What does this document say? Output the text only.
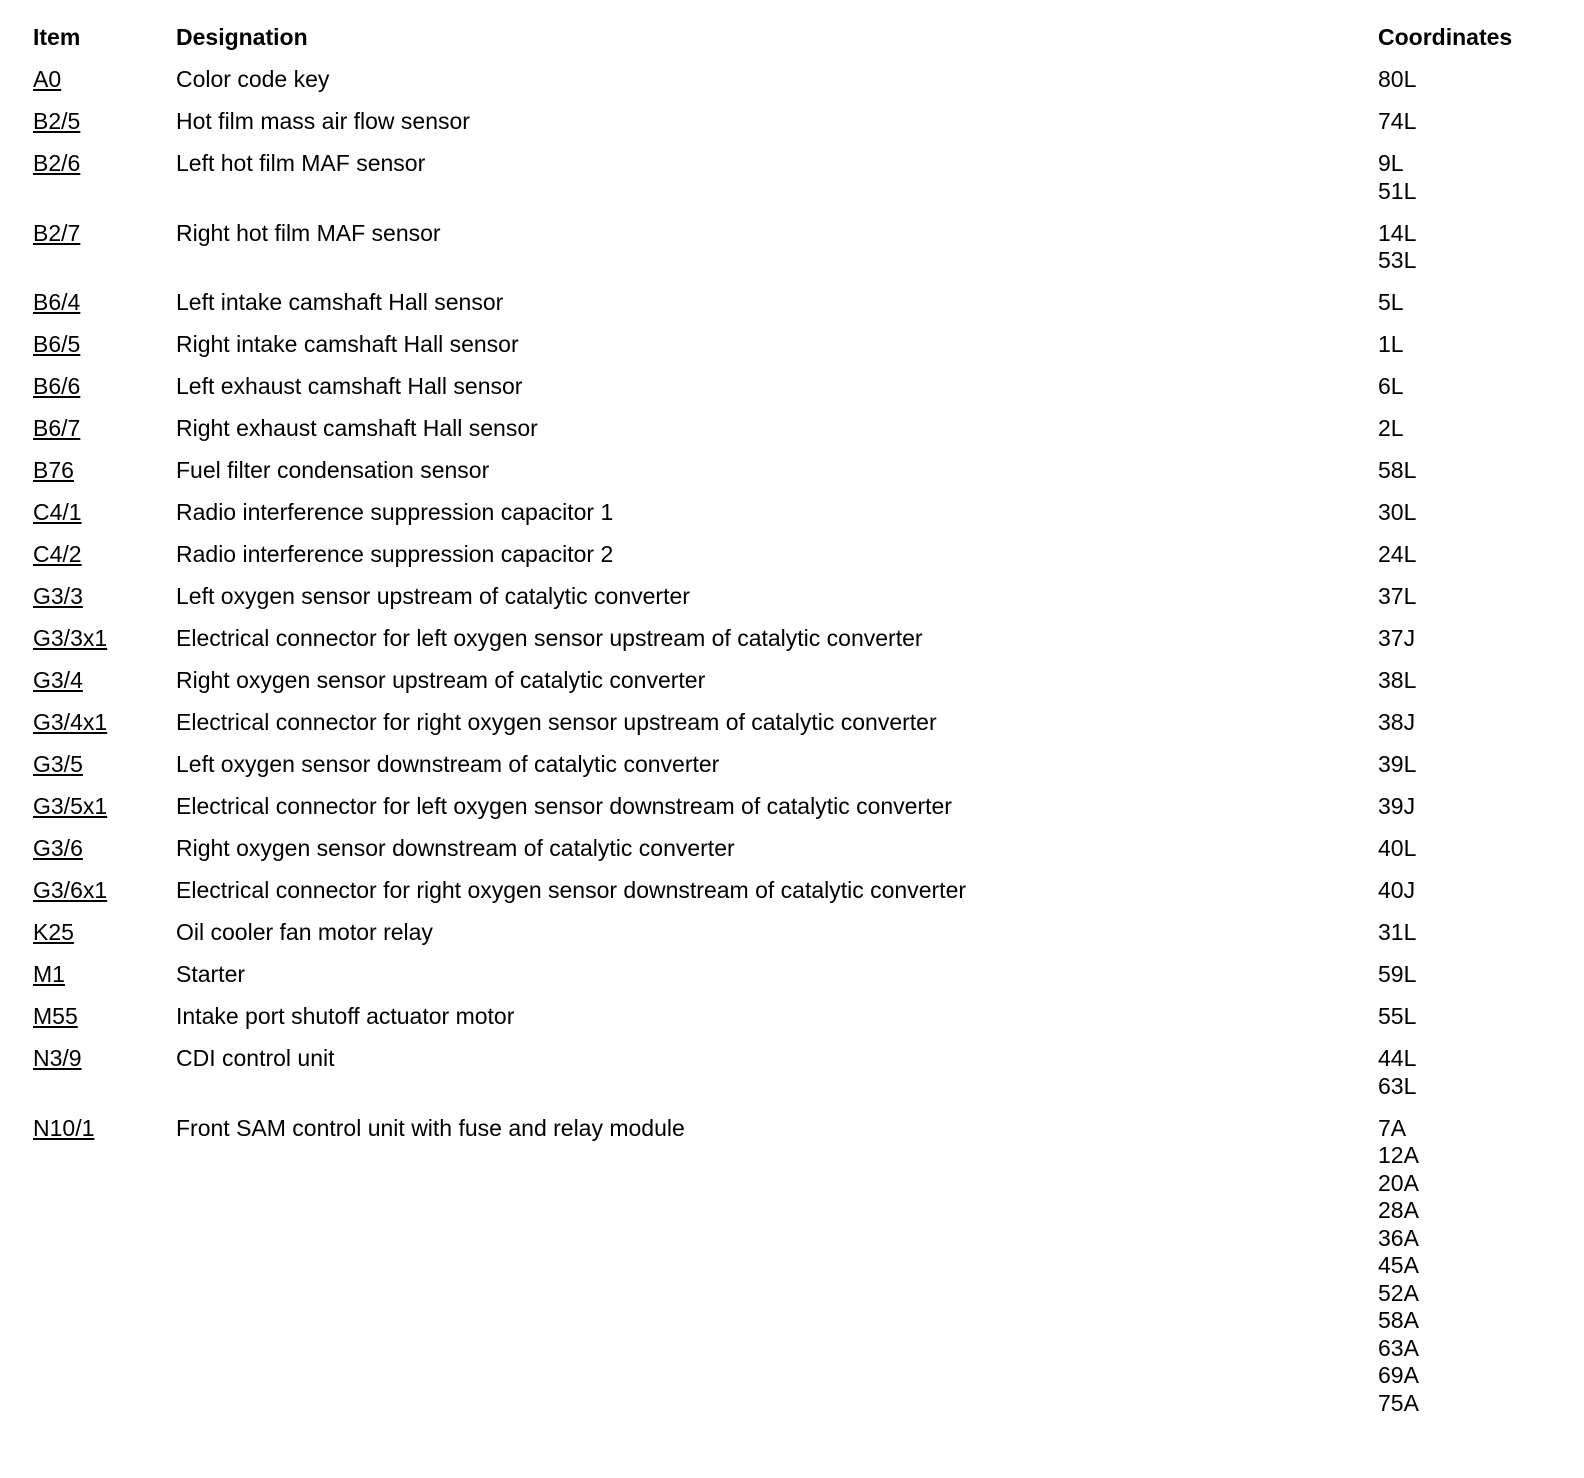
Item	Designation	Coordinates
A0	Color code key	80L
B2/5	Hot film mass air flow sensor	74L
B2/6	Left hot film MAF sensor	9L
51L
B2/7	Right hot film MAF sensor	14L
53L
B6/4	Left intake camshaft Hall sensor	5L
B6/5	Right intake camshaft Hall sensor	1L
B6/6	Left exhaust camshaft Hall sensor	6L
B6/7	Right exhaust camshaft Hall sensor	2L
B76	Fuel filter condensation sensor	58L
C4/1	Radio interference suppression capacitor 1	30L
C4/2	Radio interference suppression capacitor 2	24L
G3/3	Left oxygen sensor upstream of catalytic converter	37L
G3/3x1	Electrical connector for left oxygen sensor upstream of catalytic converter	37J
G3/4	Right oxygen sensor upstream of catalytic converter	38L
G3/4x1	Electrical connector for right oxygen sensor upstream of catalytic converter	38J
G3/5	Left oxygen sensor downstream of catalytic converter	39L
G3/5x1	Electrical connector for left oxygen sensor downstream of catalytic converter	39J
G3/6	Right oxygen sensor downstream of catalytic converter	40L
G3/6x1	Electrical connector for right oxygen sensor downstream of catalytic converter	40J
K25	Oil cooler fan motor relay	31L
M1	Starter	59L
M55	Intake port shutoff actuator motor	55L
N3/9	CDI control unit	44L
63L
N10/1	Front SAM control unit with fuse and relay module	7A
12A
20A
28A
36A
45A
52A
58A
63A
69A
75A
